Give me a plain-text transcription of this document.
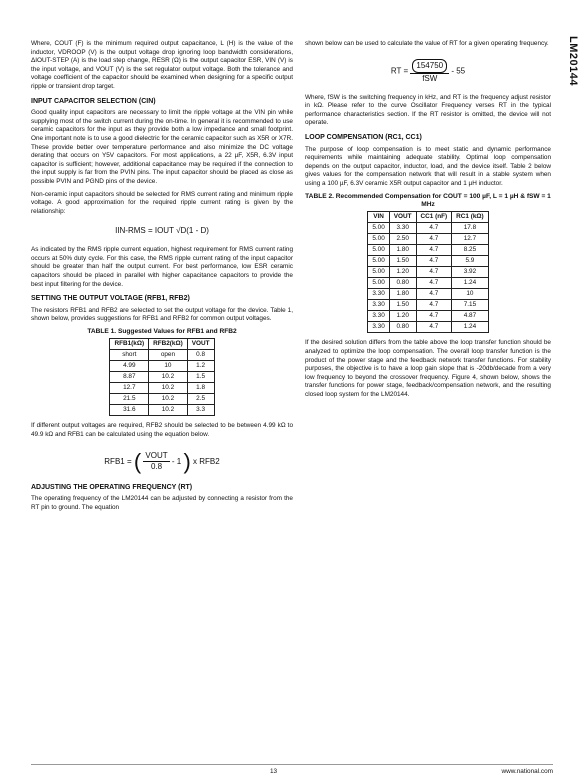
LM20144

Where, COUT (F) is the minimum required output capacitance, L (H) is the value of the inductor, VDROOP (V) is the output voltage drop ignoring loop bandwidth considerations, ΔIOUT-STEP (A) is the load step change, RESR (Ω) is the output capacitor ESR, VIN (V) is the input voltage, and VOUT (V) is the set regulator output voltage. Both the tolerance and voltage coefficient of the capacitor should be examined when designing for a specific output ripple or transient drop target.

INPUT CAPACITOR SELECTION (CIN)

Good quality input capacitors are necessary to limit the ripple voltage at the VIN pin while supplying most of the switch current during the on-time. In general it is recommended to use ceramic capacitors for the input as they provide both a low impedance and small footprint. One important note is to use a good dielectric for the ceramic capacitor such as X5R or X7R. These provide better over temperature performance and also minimize the DC voltage derating that occurs on Y5V capacitors. For most applications, a 22 µF, X5R, 6.3V input capacitor is sufficient; however, additional capacitance may be required if the connection to the input supply is far from the PVIN pins. The input capacitor should be placed as close as possible PVIN and PGND pins of the device.

Non-ceramic input capacitors should be selected for RMS current rating and minimum ripple voltage. A good approximation for the required ripple current rating is given by the relationship:

IIN-RMS = IOUT √D(1 - D)

As indicated by the RMS ripple current equation, highest requirement for RMS current rating occurs at 50% duty cycle. For this case, the RMS ripple current rating of the input capacitor should be greater than half the output current. For best performance, low ESR ceramic capacitors should be placed in parallel with higher capacitance capacitors to provide the best input filtering for the device.

SETTING THE OUTPUT VOLTAGE (RFB1, RFB2)

The resistors RFB1 and RFB2 are selected to set the output voltage for the device. Table 1, shown below, provides suggestions for RFB1 and RFB2 for common output voltages.

TABLE 1. Suggested Values for RFB1 and RFB2
RFB1(kΩ)	RFB2(kΩ)	VOUT
short	open	0.8
4.99	10	1.2
8.87	10.2	1.5
12.7	10.2	1.8
21.5	10.2	2.5
31.6	10.2	3.3

If different output voltages are required, RFB2 should be selected to be between 4.99 kΩ to 49.9 kΩ and RFB1 can be calculated using the equation below.

RFB1 = ( $\frac{\text{VOUT}}{0.8} - 1$ ) x RFB2
ADJUSTING THE OPERATING FREQUENCY (RT)

The operating frequency of the LM20144 can be adjusted by connecting a resistor from the RT pin to ground. The equation

shown below can be used to calculate the value of RT for a given operating frequency.

RT = $\frac{154750}{\text{fSW}} - 55$

Where, fSW is the switching frequency in kHz, and RT is the frequency adjust resistor in kΩ. Please refer to the curve Oscillator Frequency verses RT in the typical performance characteristics section. If the RT resistor is omitted, the device will not operate.

LOOP COMPENSATION (RC1, CC1)

The purpose of loop compensation is to meet static and dynamic performance requirements while maintaining adequate stability. Optimal loop compensation depends on the output capacitor, inductor, load, and the device itself. Table 2 below gives values for the compensation network that will result in a stable system when using a 100 µF, 6.3V ceramic X5R output capacitor and 1 µH inductor.

TABLE 2. Recommended Compensation for COUT = 100 µF, L = 1 µH & fSW = 1 MHz
VIN	VOUT	CC1 (nF)	RC1 (kΩ)
5.00	3.30	4.7	17.8
5.00	2.50	4.7	12.7
5.00	1.80	4.7	8.25
5.00	1.50	4.7	5.9
5.00	1.20	4.7	3.92
5.00	0.80	4.7	1.24
3.30	1.80	4.7	10
3.30	1.50	4.7	7.15
3.30	1.20	4.7	4.87
3.30	0.80	4.7	1.24

If the desired solution differs from the table above the loop transfer function should be analyzed to optimize the loop compensation. The overall loop transfer function is the product of the power stage and the feedback network transfer functions. For stability purposes, the objective is to have a loop gain slope that is -20db/decade from a very low frequency to beyond the crossover frequency. Figure 4, shown below, shows the transfer functions for power stage, feedback/compensation network, and the resulting closed loop system for the LM20144.

13	www.national.com
